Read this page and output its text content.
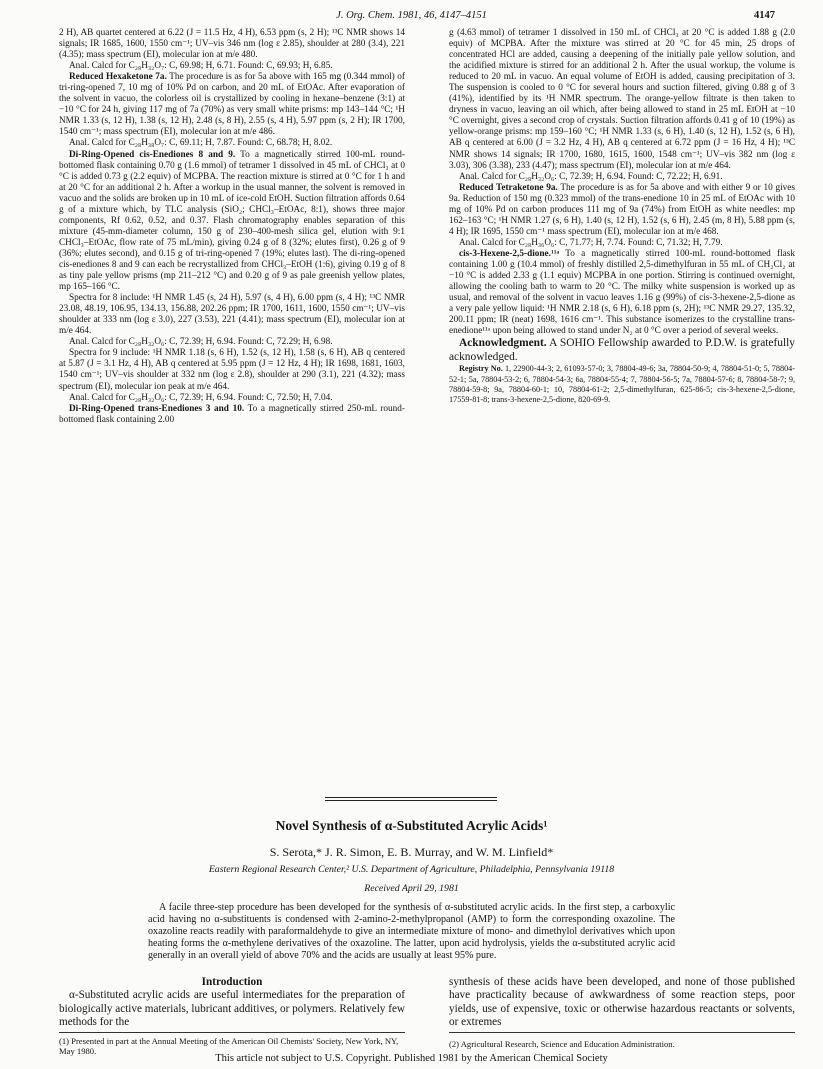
J. Org. Chem. 1981, 46, 4147–4151	4147

2 H), AB quartet centered at 6.22 (J = 11.5 Hz, 4 H), 6.53 ppm (s, 2 H); ¹³C NMR shows 14 signals; IR 1685, 1600, 1550 cm⁻¹; UV–vis 346 nm (log ε 2.85), shoulder at 280 (3.4), 221 (4.35); mass spectrum (EI), molecular ion at m/e 480.

Anal. Calcd for C₂₈H₃₂O₇: C, 69.98; H, 6.71. Found: C, 69.93; H, 6.85.

Reduced Hexaketone 7a. The procedure is as for 5a above with 165 mg (0.344 mmol) of tri-ring-opened 7, 10 mg of 10% Pd on carbon, and 20 mL of EtOAc. After evaporation of the solvent in vacuo, the colorless oil is crystallized by cooling in hexane–benzene (3:1) at −10 °C for 24 h, giving 117 mg of 7a (70%) as very small white prisms: mp 143–144 °C; ¹H NMR 1.33 (s, 12 H), 1.38 (s, 12 H), 2.48 (s, 8 H), 2.55 (s, 4 H), 5.97 ppm (s, 2 H); IR 1700, 1540 cm⁻¹; mass spectrum (EI), molecular ion at m/e 486.

Anal. Calcd for C₂₈H₃₈O₇: C, 69.11; H, 7.87. Found: C, 68.78; H, 8.02.

Di-Ring-Opened cis-Enediones 8 and 9. To a magnetically stirred 100-mL round-bottomed flask containing 0.70 g (1.6 mmol) of tetramer 1 dissolved in 45 mL of CHCl₃ at 0 °C is added 0.73 g (2.2 equiv) of MCPBA. The reaction mixture is stirred at 0 °C for 1 h and at 20 °C for an additional 2 h. After a workup in the usual manner, the solvent is removed in vacuo and the solids are broken up in 10 mL of ice-cold EtOH. Suction filtration affords 0.64 g of a mixture which, by TLC analysis (SiO₂; CHCl₃–EtOAc, 8:1), shows three major components, Rf 0.62, 0.52, and 0.37. Flash chromatography enables separation of this mixture (45-mm-diameter column, 150 g of 230–400-mesh silica gel, elution with 9:1 CHCl₃–EtOAc, flow rate of 75 mL/min), giving 0.24 g of 8 (32%; elutes first), 0.26 g of 9 (36%; elutes second), and 0.15 g of tri-ring-opened 7 (19%; elutes last). The di-ring-opened cis-enediones 8 and 9 can each be recrystallized from CHCl₃–EtOH (1:6), giving 0.19 g of 8 as tiny pale yellow prisms (mp 211–212 °C) and 0.20 g of 9 as pale greenish yellow plates, mp 165–166 °C.

Spectra for 8 include: ¹H NMR 1.45 (s, 24 H), 5.97 (s, 4 H), 6.00 ppm (s, 4 H); ¹³C NMR 23.08, 48.19, 106.95, 134.13, 156.88, 202.26 ppm; IR 1700, 1611, 1600, 1550 cm⁻¹; UV–vis shoulder at 333 nm (log ε 3.0), 227 (3.53), 221 (4.41); mass spectrum (EI), molecular ion at m/e 464.

Anal. Calcd for C₂₈H₃₂O₆: C, 72.39; H, 6.94. Found: C, 72.29; H, 6.98.

Spectra for 9 include: ¹H NMR 1.18 (s, 6 H), 1.52 (s, 12 H), 1.58 (s, 6 H), AB q centered at 5.87 (J = 3.1 Hz, 4 H), AB q centered at 5.95 ppm (J = 12 Hz, 4 H); IR 1698, 1681, 1603, 1540 cm⁻¹; UV–vis shoulder at 332 nm (log ε 2.8), shoulder at 290 (3.1), 221 (4.32); mass spectrum (EI), molecular ion peak at m/e 464.

Anal. Calcd for C₂₈H₃₂O₆: C, 72.39; H, 6.94. Found: C, 72.50; H, 7.04.

Di-Ring-Opened trans-Enediones 3 and 10. To a magnetically stirred 250-mL round-bottomed flask containing 2.00

g (4.63 mmol) of tetramer 1 dissolved in 150 mL of CHCl₃ at 20 °C is added 1.88 g (2.0 equiv) of MCPBA. After the mixture was stirred at 20 °C for 45 min, 25 drops of concentrated HCl are added, causing a deepening of the initially pale yellow solution, and the acidified mixture is stirred for an additional 2 h. After the usual workup, the volume is reduced to 20 mL in vacuo. An equal volume of EtOH is added, causing precipitation of 3. The suspension is cooled to 0 °C for several hours and suction filtered, giving 0.88 g of 3 (41%), identified by its ¹H NMR spectrum. The orange-yellow filtrate is then taken to dryness in vacuo, leaving an oil which, after being allowed to stand in 25 mL EtOH at −10 °C overnight, gives a second crop of crystals. Suction filtration affords 0.41 g of 10 (19%) as yellow-orange prisms: mp 159–160 °C; ¹H NMR 1.33 (s, 6 H), 1.40 (s, 12 H), 1.52 (s, 6 H), AB q centered at 6.00 (J = 3.2 Hz, 4 H), AB q centered at 6.72 ppm (J = 16 Hz, 4 H); ¹³C NMR shows 14 signals; IR 1700, 1680, 1615, 1600, 1548 cm⁻¹; UV–vis 382 nm (log ε 3.03), 306 (3.38), 233 (4.47); mass spectrum (EI), molecular ion at m/e 464.

Anal. Calcd for C₂₈H₃₂O₆: C, 72.39; H, 6.94. Found: C, 72.22; H, 6.91.

Reduced Tetraketone 9a. The procedure is as for 5a above and with either 9 or 10 gives 9a. Reduction of 150 mg (0.323 mmol) of the trans-enedione 10 in 25 mL of EtOAc with 10 mg of 10% Pd on carbon produces 111 mg of 9a (74%) from EtOH as white needles: mp 162–163 °C; ¹H NMR 1.27 (s, 6 H), 1.40 (s, 12 H), 1.52 (s, 6 H), 2.45 (m, 8 H), 5.88 ppm (s, 4 H); IR 1695, 1550 cm⁻¹ mass spectrum (EI), molecular ion at m/e 468.

Anal. Calcd for C₂₈H₃₆O₆: C, 71.77; H, 7.74. Found: C, 71.32; H, 7.79.

cis-3-Hexene-2,5-dione.¹¹ᵃ To a magnetically stirred 100-mL round-bottomed flask containing 1.00 g (10.4 mmol) of freshly distilled 2,5-dimethylfuran in 55 mL of CH₂Cl₂ at −10 °C is added 2.33 g (1.1 equiv) MCPBA in one portion. Stirring is continued overnight, allowing the cooling bath to warm to 20 °C. The milky white suspension is worked up as usual, and removal of the solvent in vacuo leaves 1.16 g (99%) of cis-3-hexene-2,5-dione as a very pale yellow liquid: ¹H NMR 2.18 (s, 6 H), 6.18 ppm (s, 2H); ¹³C NMR 29.27, 135.32, 200.11 ppm; IR (neat) 1698, 1616 cm⁻¹. This substance isomerizes to the crystalline trans-enedione¹¹ᵃ upon being allowed to stand under N₂ at 0 °C over a period of several weeks.

Acknowledgment. A SOHIO Fellowship awarded to P.D.W. is gratefully acknowledged.

Registry No. 1, 22900-44-3; 2, 61093-57-0; 3, 78804-49-6; 3a, 78804-50-9; 4, 78804-51-0; 5, 78804-52-1; 5a, 78804-53-2; 6, 78804-54-3; 6a, 78804-55-4; 7, 78804-56-5; 7a, 78804-57-6; 8, 78804-58-7; 9, 78804-59-8; 9a, 78804-60-1; 10, 78804-61-2; 2,5-dimethylfuran, 625-86-5; cis-3-hexene-2,5-dione, 17559-81-8; trans-3-hexene-2,5-dione, 820-69-9.

Novel Synthesis of α-Substituted Acrylic Acids¹
S. Serota,* J. R. Simon, E. B. Murray, and W. M. Linfield*
Eastern Regional Research Center,² U.S. Department of Agriculture, Philadelphia, Pennsylvania 19118
Received April 29, 1981
A facile three-step procedure has been developed for the synthesis of α-substituted acrylic acids. In the first step, a carboxylic acid having no α-substituents is condensed with 2-amino-2-methylpropanol (AMP) to form the corresponding oxazoline. The oxazoline reacts readily with paraformaldehyde to give an intermediate mixture of mono- and dimethylol derivatives which upon heating forms the α-methylene derivatives of the oxazoline. The latter, upon acid hydrolysis, yields the α-substituted acrylic acid generally in an overall yield of above 70% and the acids are usually at least 95% pure.
Introduction

α-Substituted acrylic acids are useful intermediates for the preparation of biologically active materials, lubricant additives, or polymers. Relatively few methods for the

synthesis of these acids have been developed, and none of those published have practicality because of awkwardness of some reaction steps, poor yields, use of expensive, toxic or otherwise hazardous reactants or solvents, or extremes

(1) Presented in part at the Annual Meeting of the American Oil Chemists' Society, New York, NY, May 1980.
(2) Agricultural Research, Science and Education Administration.
This article not subject to U.S. Copyright. Published 1981 by the American Chemical Society
